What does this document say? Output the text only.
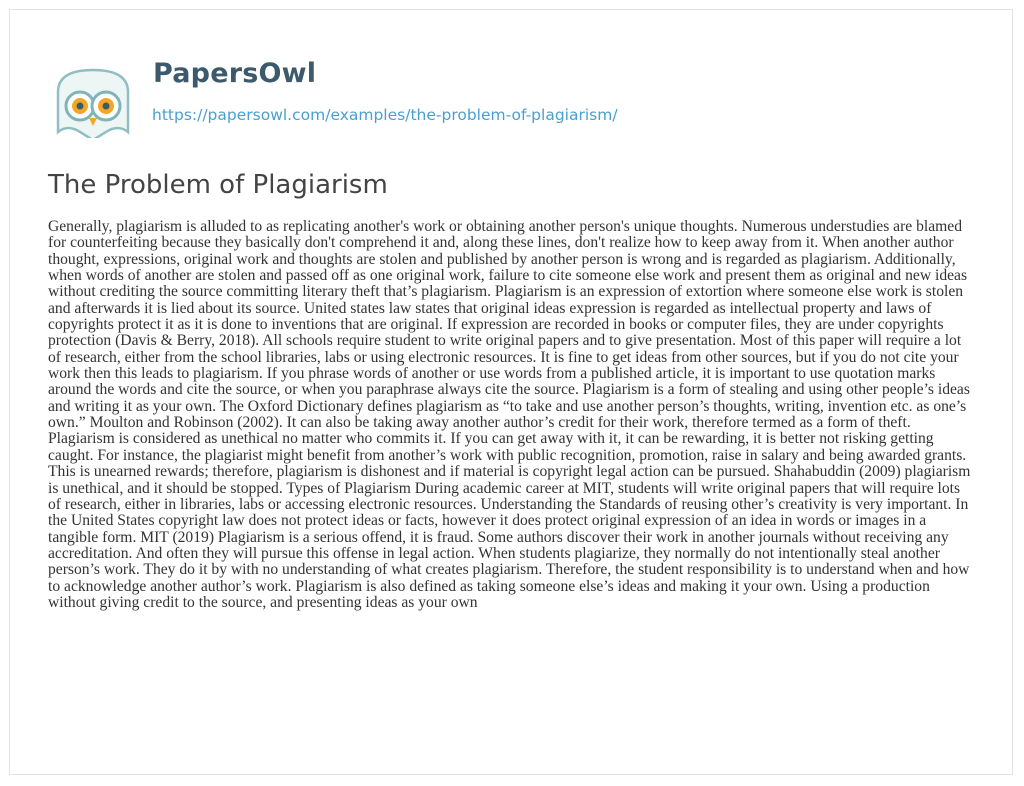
PapersOwl
https://papersowl.com/examples/the-problem-of-plagiarism/
The Problem of Plagiarism

Generally, plagiarism is alluded to as replicating another's work or obtaining another person's unique thoughts. Numerous understudies are blamed for counterfeiting because they basically don't comprehend it and, along these lines, don't realize how to keep away from it. When another author thought, expressions, original work and thoughts are stolen and published by another person is wrong and is regarded as plagiarism. Additionally, when words of another are stolen and passed off as one original work, failure to cite someone else work and present them as original and new ideas without crediting the source committing literary theft that’s plagiarism. Plagiarism is an expression of extortion where someone else work is stolen and afterwards it is lied about its source. United states law states that original ideas expression is regarded as intellectual property and laws of copyrights protect it as it is done to inventions that are original. If expression are recorded in books or computer files, they are under copyrights protection (Davis & Berry, 2018). All schools require student to write original papers and to give presentation. Most of this paper will require a lot of research, either from the school libraries, labs or using electronic resources. It is fine to get ideas from other sources, but if you do not cite your work then this leads to plagiarism. If you phrase words of another or use words from a published article, it is important to use quotation marks around the words and cite the source, or when you paraphrase always cite the source. Plagiarism is a form of stealing and using other people’s ideas and writing it as your own. The Oxford Dictionary defines plagiarism as “to take and use another person’s thoughts, writing, invention etc. as one’s own.” Moulton and Robinson (2002). It can also be taking away another author’s credit for their work, therefore termed as a form of theft. Plagiarism is considered as unethical no matter who commits it. If you can get away with it, it can be rewarding, it is better not risking getting caught. For instance, the plagiarist might benefit from another’s work with public recognition, promotion, raise in salary and being awarded grants. This is unearned rewards; therefore, plagiarism is dishonest and if material is copyright legal action can be pursued. Shahabuddin (2009) plagiarism is unethical, and it should be stopped. Types of Plagiarism During academic career at MIT, students will write original papers that will require lots of research, either in libraries, labs or accessing electronic resources. Understanding the Standards of reusing other’s creativity is very important. In the United States copyright law does not protect ideas or facts, however it does protect original expression of an idea in words or images in a tangible form. MIT (2019) Plagiarism is a serious offend, it is fraud. Some authors discover their work in another journals without receiving any accreditation. And often they will pursue this offense in legal action. When students plagiarize, they normally do not intentionally steal another person’s work. They do it by with no understanding of what creates plagiarism. Therefore, the student responsibility is to understand when and how to acknowledge another author’s work. Plagiarism is also defined as taking someone else’s ideas and making it your own. Using a production without giving credit to the source, and presenting ideas as your own
